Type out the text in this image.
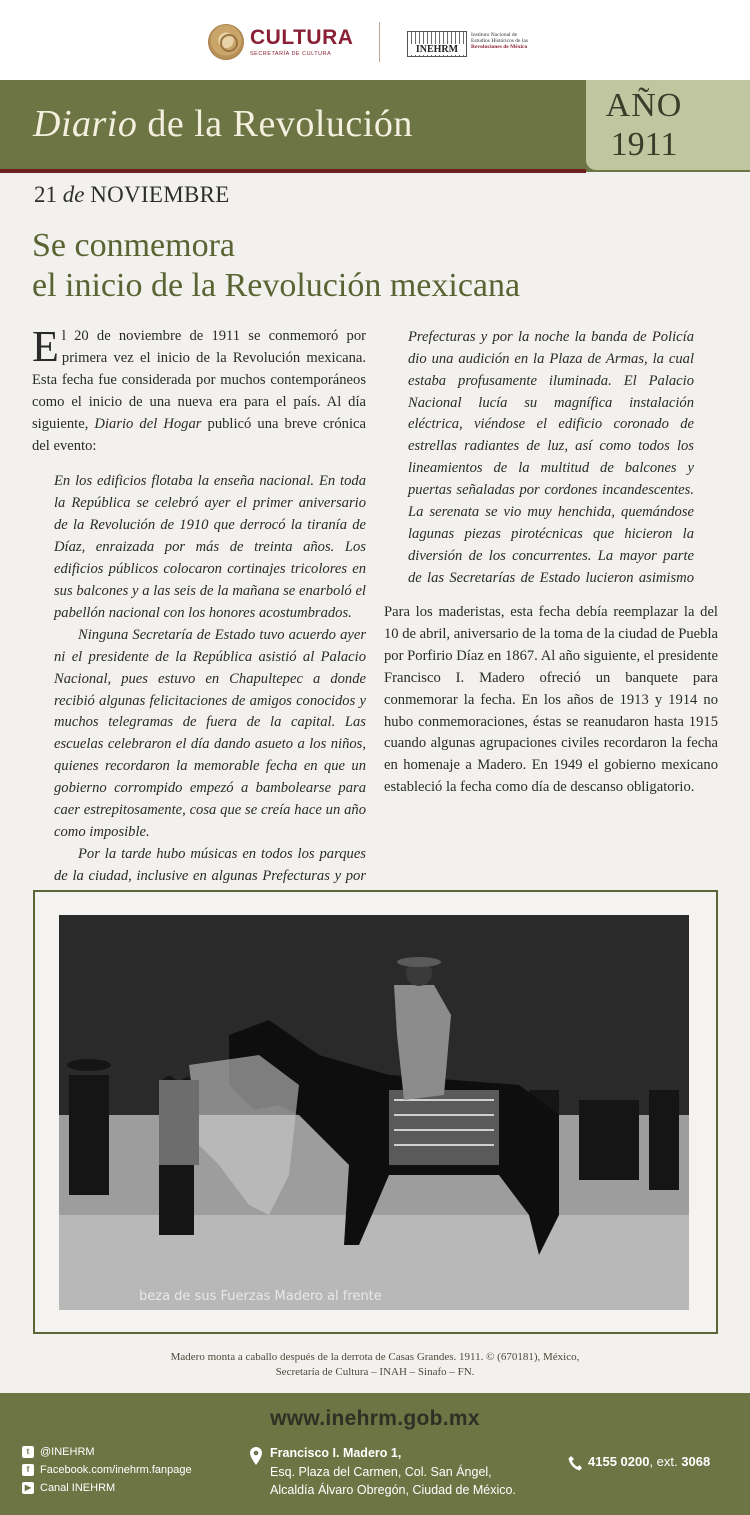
CULTURA
SECRETARÍA DE CULTURA	INEHRM
Instituto Nacional de
Estudios Históricos de las
Revoluciones de México
Diario de la Revolución	AÑO
1911
21 de NOVIEMBRE
Se conmemora
el inicio de la Revolución mexicana

El 20 de noviembre de 1911 se conmemoró por primera vez el inicio de la Revolución mexicana. Esta fecha fue considerada por muchos contemporáneos como el inicio de una nueva era para el país. Al día siguiente, Diario del Hogar publicó una breve crónica del evento:

En los edificios flotaba la enseña nacional. En toda la República se celebró ayer el primer aniversario de la Revolución de 1910 que derrocó la tiranía de Díaz, enraizada por más de treinta años. Los edificios públicos colocaron cortinajes tricolores en sus balcones y a las seis de la mañana se enarboló el pabellón nacional con los honores acostumbrados.

Ninguna Secretaría de Estado tuvo acuerdo ayer ni el presidente de la República asistió al Palacio Nacional, pues estuvo en Chapultepec a donde recibió algunas felicitaciones de amigos conocidos y muchos telegramas de fuera de la capital. Las escuelas celebraron el día dando asueto a los niños, quienes recordaron la memorable fecha en que un gobierno corrompido empezó a bambolearse para caer estrepitosamente, cosa que se creía hace un año como imposible.

Por la tarde hubo músicas en todos los parques de la ciudad, inclusive en algunas Prefecturas y por

Prefecturas y por la noche la banda de Policía dio una audición en la Plaza de Armas, la cual estaba profusamente iluminada. El Palacio Nacional lucía su magnífica instalación eléctrica, viéndose el edificio coronado de estrellas radiantes de luz, así como todos los lineamientos de la multitud de balcones y puertas señaladas por cordones incandescentes. La serenata se vio muy henchida, quemándose lagunas piezas pirotécnicas que hicieron la diversión de los concurrentes. La mayor parte de las Secretarías de Estado lucieron asimismo

Para los maderistas, esta fecha debía reemplazar la del 10 de abril, aniversario de la toma de la ciudad de Puebla por Porfirio Díaz en 1867. Al año siguiente, el presidente Francisco I. Madero ofreció un banquete para conmemorar la fecha. En los años de 1913 y 1914 no hubo conmemoraciones, éstas se reanudaron hasta 1915 cuando algunas agrupaciones civiles recordaron la fecha en homenaje a Madero. En 1949 el gobierno mexicano estableció la fecha como día de descanso obligatorio.

beza de sus Fuerzas Madero al frente
Madero monta a caballo después de la derrota de Casas Grandes. 1911. © (670181), México,
Secretaría de Cultura – INAH – Sinafo – FN.
www.inehrm.gob.mx
t @INEHRM
f Facebook.com/inehrm.fanpage
▶ Canal INEHRM
Francisco I. Madero 1,
Esq. Plaza del Carmen, Col. San Ángel,
Alcaldía Álvaro Obregón, Ciudad de México.
4155 0200, ext. 3068
